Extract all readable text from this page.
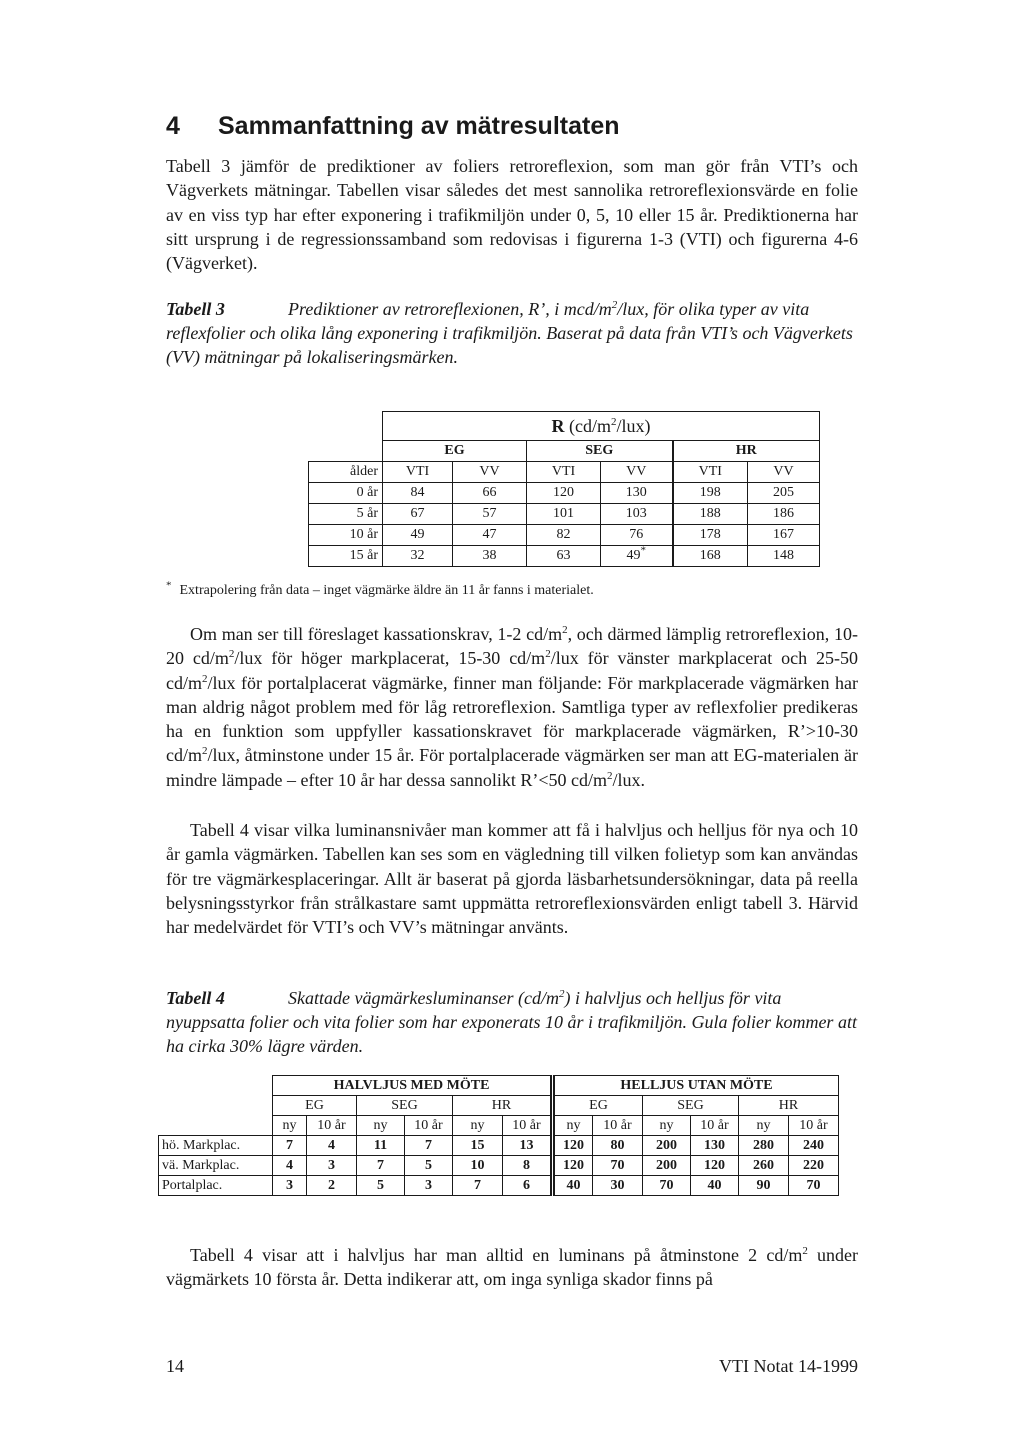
4 Sammanfattning av mätresultaten

Tabell 3 jämför de prediktioner av foliers retroreflexion, som man gör från VTI’s och Vägverkets mätningar. Tabellen visar således det mest sannolika retroreflexionsvärde en folie av en viss typ har efter exponering i trafikmiljön under 0, 5, 10 eller 15 år. Prediktionerna har sitt ursprung i de regressionssamband som redovisas i figurerna 1-3 (VTI) och figurerna 4-6 (Vägverket).

Tabell 3	Prediktioner av retroreflexionen, R’, i mcd/$m^2$/lux, för olika typer av vita reflexfolier och olika lång exponering i trafikmiljön. Baserat på data från VTI’s och Vägverkets (VV) mätningar på lokaliseringsmärken.

	R $(cd/m^2/lux)$					
	EG		SEG		HR	
ålder	VTI	VV	VTI	VV	VTI	VV
0 år	84	66	120	130	198	205
5 år	67	57	101	103	188	186
10 år	49	47	82	76	178	167
15 år	32	38	63	49*	168	148
* Extrapolering från data – inget vägmärke äldre än 11 år fanns i materialet.

Om man ser till föreslaget kassationskrav, 1-2 $cd/m^2$, och därmed lämplig retroreflexion, 10-20 $cd/m^2$/lux för höger markplacerat, 15-30 $cd/m^2$/lux för vänster markplacerat och 25-50 $cd/m^2$/lux för portalplacerat vägmärke, finner man följande: För markplacerade vägmärken har man aldrig något problem med för låg retroreflexion. Samtliga typer av reflexfolier predikeras ha en funktion som uppfyller kassationskravet för markplacerade vägmärken, R’>10-30 $cd/m^2$/lux, åtminstone under 15 år. För portalplacerade vägmärken ser man att EG-materialen är mindre lämpade – efter 10 år har dessa sannolikt R’<50 $cd/m^2$/lux.

Tabell 4 visar vilka luminansnivåer man kommer att få i halvljus och helljus för nya och 10 år gamla vägmärken. Tabellen kan ses som en vägledning till vilken folietyp som kan användas för tre vägmärkesplaceringar. Allt är baserat på gjorda läsbarhetsundersökningar, data på reella belysningsstyrkor från strålkastare samt uppmätta retroreflexionsvärden enligt tabell 3. Härvid har medelvärdet för VTI’s och VV’s mätningar använts.

Tabell 4	Skattade vägmärkesluminanser $(cd/m^2)$ i halvljus och helljus för vita nyuppsatta folier och vita folier som har exponerats 10 år i trafikmiljön. Gula folier kommer att ha cirka 30% lägre värden.

	HALVLJUS MED MÖTE						HELLJUS UTAN MÖTE					
	EG		SEG		HR		EG		SEG		HR	
	ny	10 år	ny	10 år	ny	10 år	ny	10 år	ny	10 år	ny	10 år
hö. Markplac.	7	4	11	7	15	13	120	80	200	130	280	240
vä. Markplac.	4	3	7	5	10	8	120	70	200	120	260	220
Portalplac.	3	2	5	3	7	6	40	30	70	40	90	70

Tabell 4 visar att i halvljus har man alltid en luminans på åtminstone 2 $cd/m^2$ under vägmärkets 10 första år. Detta indikerar att, om inga synliga skador finns på

14	VTI Notat 14-1999
